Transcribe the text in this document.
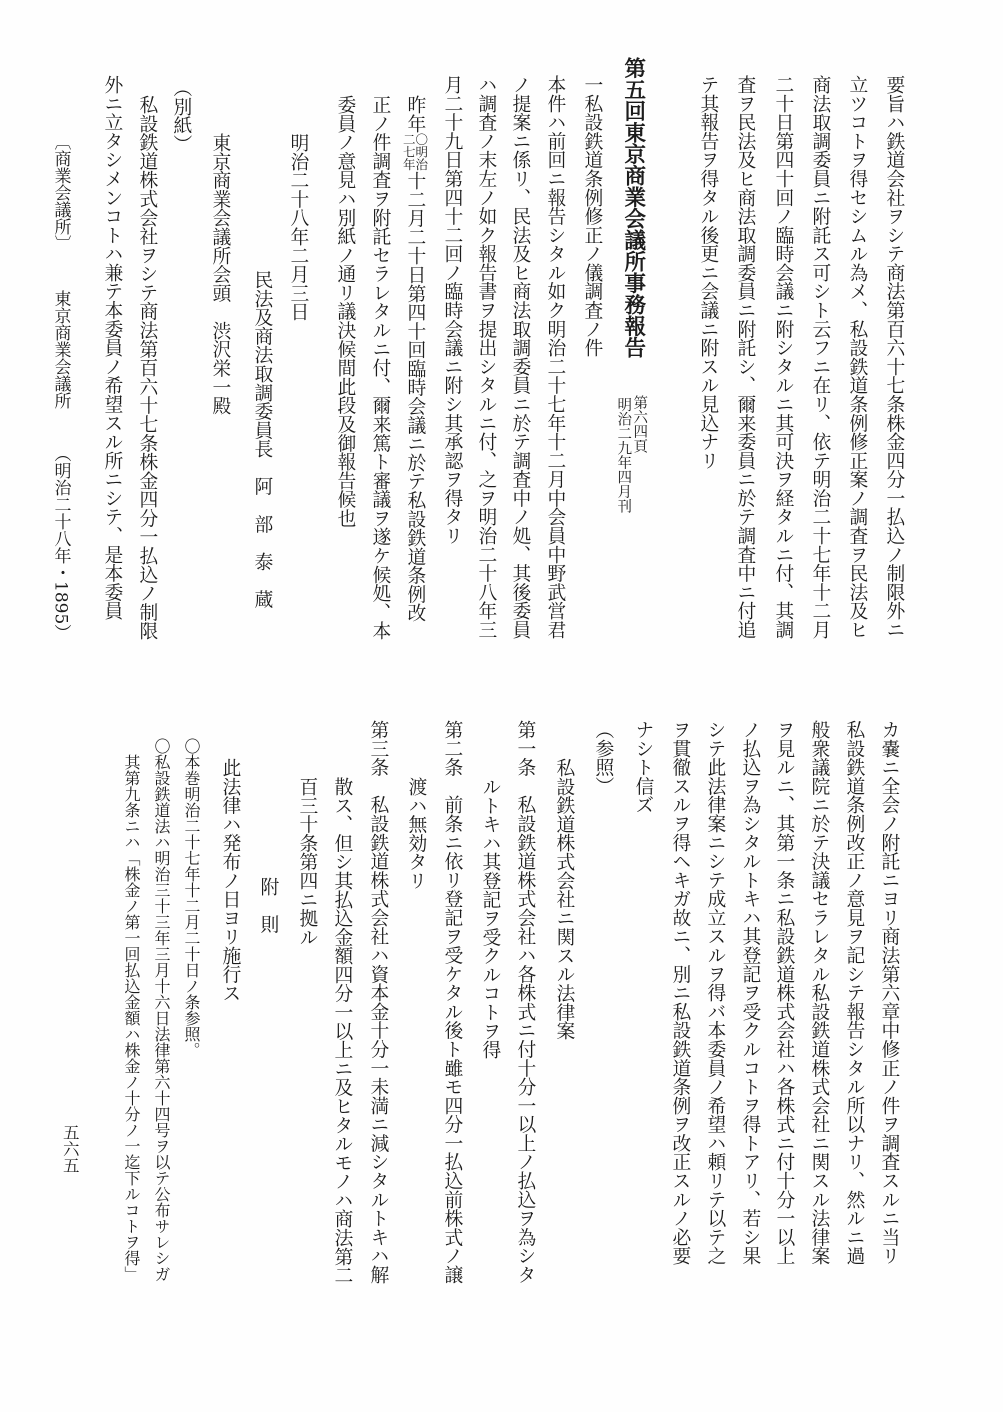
要旨ハ鉄道会社ヲシテ商法第百六十七条株金四分一払込ノ制限外ニ
立ツコトヲ得セシムル為メ、私設鉄道条例修正案ノ調査ヲ民法及ヒ
商法取調委員ニ附託ス可シト云フニ在リ、依テ明治二十七年十二月
二十日第四十回ノ臨時会議ニ附シタルニ其可決ヲ経タルニ付、其調
査ヲ民法及ヒ商法取調委員ニ附託シ、爾来委員ニ於テ調査中ニ付追
テ其報告ヲ得タル後更ニ会議ニ附スル見込ナリ
第五回東京商業会議所事務報告
第六四頁
明治二九年四月刊
一私設鉄道条例修正ノ儀調査ノ件
本件ハ前回ニ報告シタル如ク明治二十七年十二月中会員中野武営君
ノ提案ニ係リ、民法及ヒ商法取調委員ニ於テ調査中ノ処、其後委員
ハ調査ノ末左ノ如ク報告書ヲ提出シタルニ付、之ヲ明治二十八年三
月二十九日第四十二回ノ臨時会議ニ附シ其承認ヲ得タリ
昨年
〇明治
二七年
十二月二十日第四十回臨時会議ニ於テ私設鉄道条例改
正ノ件調査ヲ附託セラレタルニ付、爾来篤ト審議ヲ遂ケ候処、本
委員ノ意見ハ別紙ノ通リ議決候間此段及御報告候也
明治二十八年二月三日
民法及商法取調委員長　阿　部　泰　蔵
東京商業会議所会頭　渋沢栄一殿
（別紙）
私設鉄道株式会社ヲシテ商法第百六十七条株金四分一払込ノ制限
外ニ立タシメンコトハ兼テ本委員ノ希望スル所ニシテ、是本委員
〔商業会議所〕
東京商業会議所
（明治二十八年・1895）
カ嚢ニ全会ノ附託ニヨリ商法第六章中修正ノ件ヲ調査スルニ当リ
私設鉄道条例改正ノ意見ヲ記シテ報告シタル所以ナリ、然ルニ過
般衆議院ニ於テ決議セラレタル私設鉄道株式会社ニ関スル法律案
ヲ見ルニ、其第一条ニ私設鉄道株式会社ハ各株式ニ付十分一以上
ノ払込ヲ為シタルトキハ其登記ヲ受クルコトヲ得トアリ、若シ果
シテ此法律案ニシテ成立スルヲ得バ本委員ノ希望ハ頼リテ以テ之
ヲ貫徹スルヲ得ヘキガ故ニ、別ニ私設鉄道条例ヲ改正スルノ必要
ナシト信ズ
（参照）
私設鉄道株式会社ニ関スル法律案
第一条　私設鉄道株式会社ハ各株式ニ付十分一以上ノ払込ヲ為シタ
ルトキハ其登記ヲ受クルコトヲ得
第二条　前条ニ依リ登記ヲ受ケタル後ト雖モ四分一払込前株式ノ譲
渡ハ無効タリ
第三条　私設鉄道株式会社ハ資本金十分一未満ニ減シタルトキハ解
散ス、但シ其払込金額四分一以上ニ及ヒタルモノハ商法第二
百三十条第四ニ拠ル
附　則
此法律ハ発布ノ日ヨリ施行ス
〇本巻明治二十七年十二月二十日ノ条参照。
〇私設鉄道法ハ明治三十三年三月十六日法律第六十四号ヲ以テ公布サレシガ
其第九条ニハ「株金ノ第一回払込金額ハ株金ノ十分ノ一迄下ルコトヲ得」
五六五
